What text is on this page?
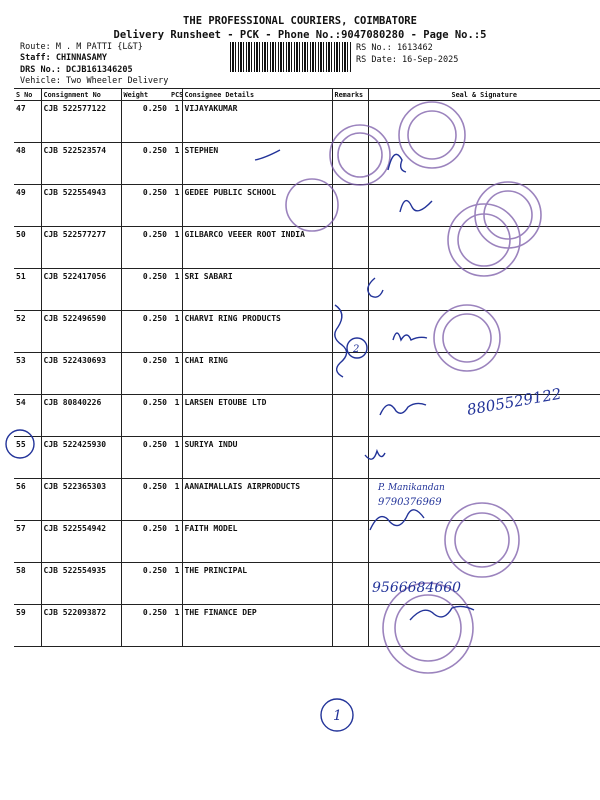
THE PROFESSIONAL COURIERS, COIMBATORE
Delivery Runsheet - PCK - Phone No.:9047080280 - Page No.:5
Route: M . M PATTI {L&T}
Staff: CHINNASAMY
DRS No.: DCJB161346205
Vehicle: Two Wheeler Delivery
RS No.: 1613462
RS Date: 16-Sep-2025
S No	Consignment No	Weight	PCS	Consignee Details	Remarks	Seal & Signature
47	CJB 522577122	0.250	1	VIJAYAKUMAR		
48	CJB 522523574	0.250	1	STEPHEN		
49	CJB 522554943	0.250	1	GEDEE PUBLIC SCHOOL		
50	CJB 522577277	0.250	1	GILBARCO VEEER ROOT INDIA		
51	CJB 522417056	0.250	1	SRI SABARI		
52	CJB 522496590	0.250	1	CHARVI RING PRODUCTS		
53	CJB 522430693	0.250	1	CHAI RING		
54	CJB 80840226	0.250	1	LARSEN ETOUBE LTD		
55	CJB 522425930	0.250	1	SURIYA INDU		
56	CJB 522365303	0.250	1	AANAIMALLAIS AIRPRODUCTS		
57	CJB 522554942	0.250	1	FAITH MODEL		
58	CJB 522554935	0.250	1	THE PRINCIPAL		
59	CJB 522093872	0.250	1	THE FINANCE DEP		
8805529122
P. Manikandan
9790376969
9566684660
1
2
